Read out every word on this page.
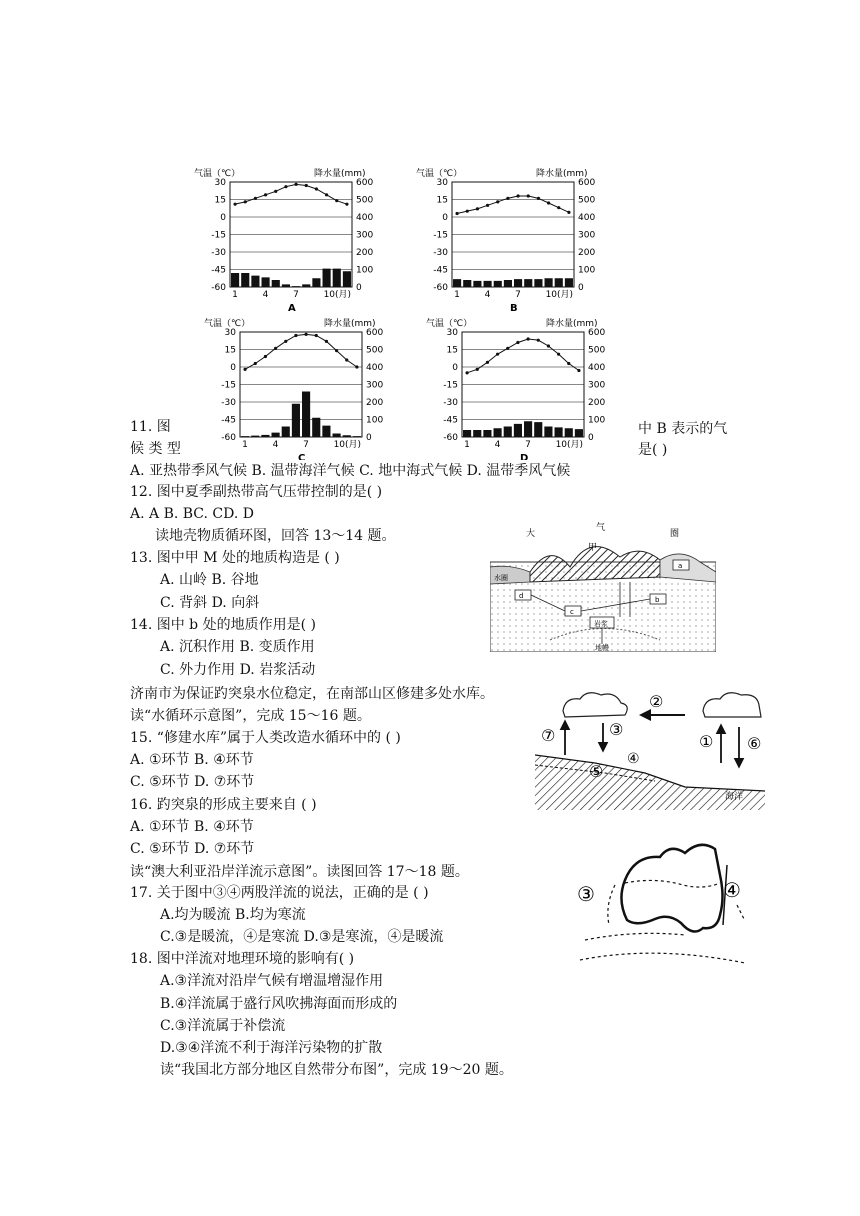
气温（℃）	降水量(mm)
30	600
15	500
0	400
-15	300
-30	200
-45	100
-60	0
1	4	7	10(月)
A
气温（℃）	降水量(mm)
30	600
15	500
0	400
-15	300
-30	200
-45	100
-60	0
1	4	7	10(月)
B
气温（℃）	降水量(mm)
30	600
15	500
0	400
-15	300
-30	200
-45	100
-60	0
1	4	7	10(月)
C
气温（℃）	降水量(mm)
30	600
15	500
0	400
-15	300
-30	200
-45	100
-60	0
1	4	7	10(月)
D
11. 图
候 类 型
中 B 表示的气
是( )
A. 亚热带季风气候 B. 温带海洋气候 C. 地中海式气候 D. 温带季风气候
12. 图中夏季副热带高气压带控制的是( )
A. A B. BC. CD. D
读地壳物质循环图，回答 13～14 题。
13. 图中甲 M 处的地质构造是 ( )
A. 山岭 B. 谷地
C. 背斜 D. 向斜
14. 图中 b 处的地质作用是( )
A. 沉积作用 B. 变质作用
C. 外力作用 D. 岩浆活动
济南市为保证趵突泉水位稳定，在南部山区修建多处水库。
读“水循环示意图”，完成 15～16 题。
15. “修建水库”属于人类改造水循环中的 ( )
A. ①环节 B. ④环节
C. ⑤环节 D. ⑦环节
16. 趵突泉的形成主要来自 ( )
A. ①环节 B. ④环节
C. ⑤环节 D. ⑦环节
读“澳大利亚沿岸洋流示意图”。读图回答 17～18 题。
17. 关于图中③④两股洋流的说法，正确的是 ( )
A.均为暖流 B.均为寒流
C.③是暖流，④是寒流 D.③是寒流，④是暖流
18. 图中洋流对地理环境的影响有( )
A.③洋流对沿岸气候有增温增湿作用
B.④洋流属于盛行风吹拂海面而形成的
C.③洋流属于补偿流
D.③④洋流不利于海洋污染物的扩散
读“我国北方部分地区自然带分布图”，完成 19～20 题。
大
气
甲
圈
水圈
a
b
c
d
岩浆
地幔
②
⑦	③
④
⑤
① ⑥
海洋
③	④
